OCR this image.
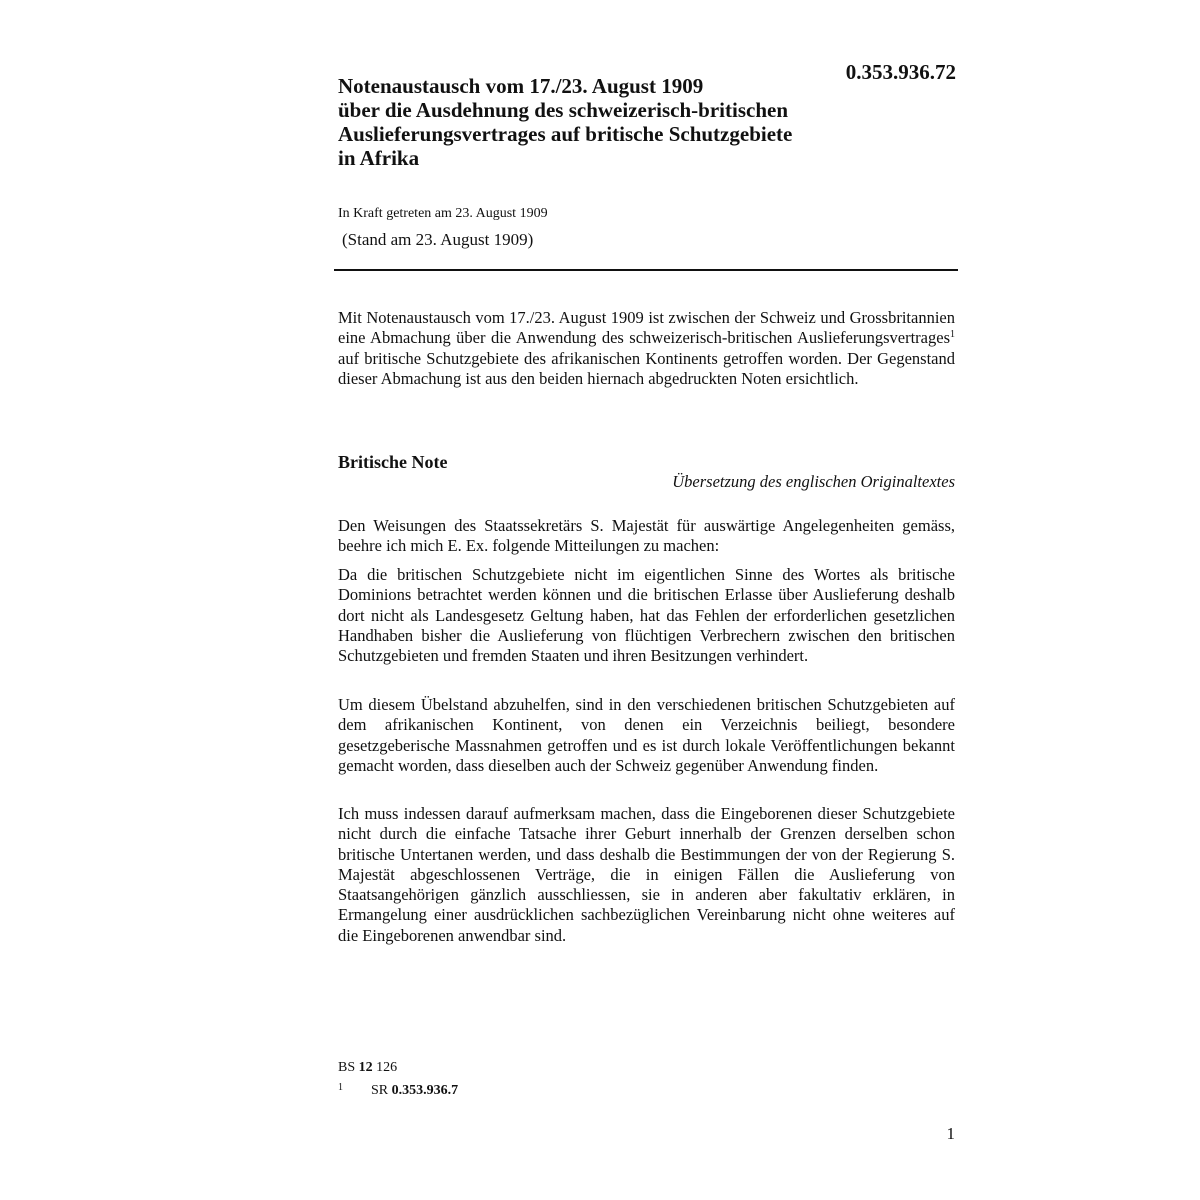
0.353.936.72
Notenaustausch vom 17./23. August 1909
über die Ausdehnung des schweizerisch-britischen
Auslieferungsvertrages auf britische Schutzgebiete
in Afrika
In Kraft getreten am 23. August 1909
(Stand am 23. August 1909)

Mit Notenaustausch vom 17./23. August 1909 ist zwischen der Schweiz und Grossbritannien eine Abmachung über die Anwendung des schweizerisch-britischen Auslieferungsvertrages$^1$ auf britische Schutzgebiete des afrikanischen Kontinents getroffen worden. Der Gegenstand dieser Abmachung ist aus den beiden hiernach abgedruckten Noten ersichtlich.

Britische Note
Übersetzung des englischen Originaltextes

Den Weisungen des Staatssekretärs S. Majestät für auswärtige Angelegenheiten gemäss, beehre ich mich E. Ex. folgende Mitteilungen zu machen:

Da die britischen Schutzgebiete nicht im eigentlichen Sinne des Wortes als britische Dominions betrachtet werden können und die britischen Erlasse über Auslieferung deshalb dort nicht als Landesgesetz Geltung haben, hat das Fehlen der erforderlichen gesetzlichen Handhaben bisher die Auslieferung von flüchtigen Verbrechern zwischen den britischen Schutzgebieten und fremden Staaten und ihren Besitzungen verhindert.

Um diesem Übelstand abzuhelfen, sind in den verschiedenen britischen Schutzgebieten auf dem afrikanischen Kontinent, von denen ein Verzeichnis beiliegt, besondere gesetzgeberische Massnahmen getroffen und es ist durch lokale Veröffentlichungen bekannt gemacht worden, dass dieselben auch der Schweiz gegenüber Anwendung finden.

Ich muss indessen darauf aufmerksam machen, dass die Eingeborenen dieser Schutzgebiete nicht durch die einfache Tatsache ihrer Geburt innerhalb der Grenzen derselben schon britische Untertanen werden, und dass deshalb die Bestimmungen der von der Regierung S. Majestät abgeschlossenen Verträge, die in einigen Fällen die Auslieferung von Staatsangehörigen gänzlich ausschliessen, sie in anderen aber fakultativ erklären, in Ermangelung einer ausdrücklichen sachbezüglichen Vereinbarung nicht ohne weiteres auf die Eingeborenen anwendbar sind.

BS 12 126
1 SR 0.353.936.7
1
